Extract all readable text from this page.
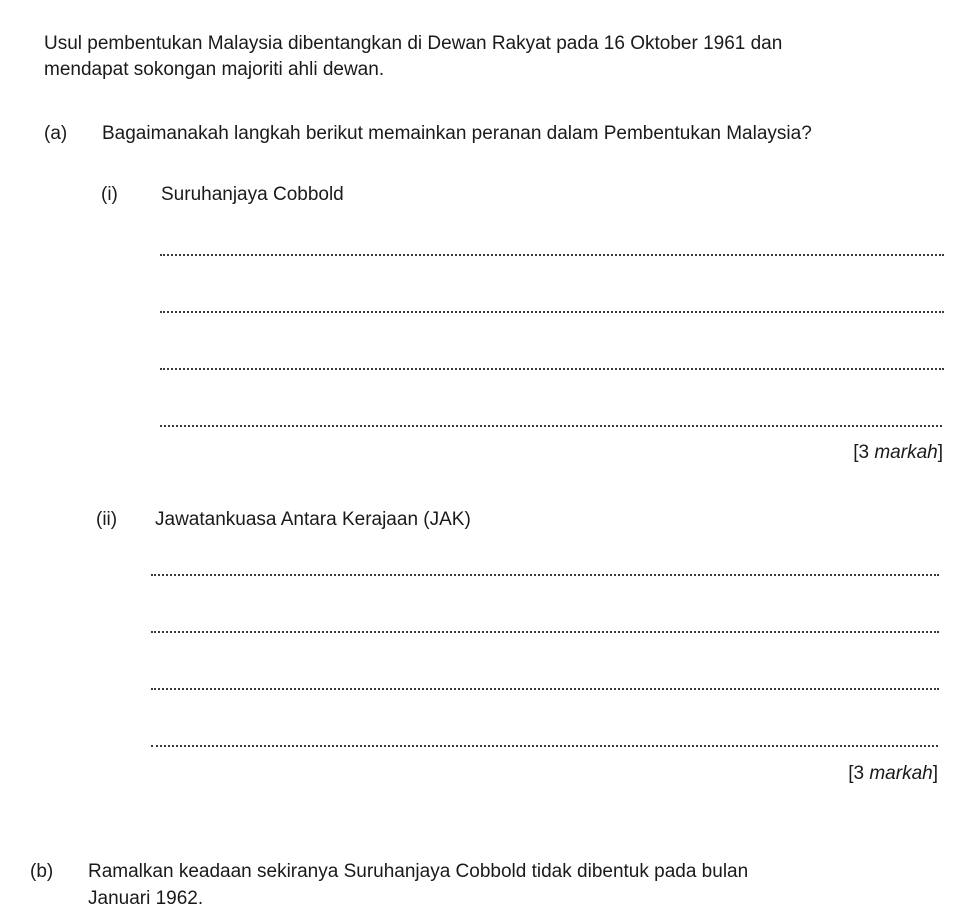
Usul pembentukan Malaysia dibentangkan di Dewan Rakyat pada 16 Oktober 1961 dan
mendapat sokongan majoriti ahli dewan.
(a) Bagaimanakah langkah berikut memainkan peranan dalam Pembentukan Malaysia?
(i) Suruhanjaya Cobbold
[3 markah]
(ii) Jawatankuasa Antara Kerajaan (JAK)
[3 markah]
(b) Ramalkan keadaan sekiranya Suruhanjaya Cobbold tidak dibentuk pada bulan
Januari 1962.
